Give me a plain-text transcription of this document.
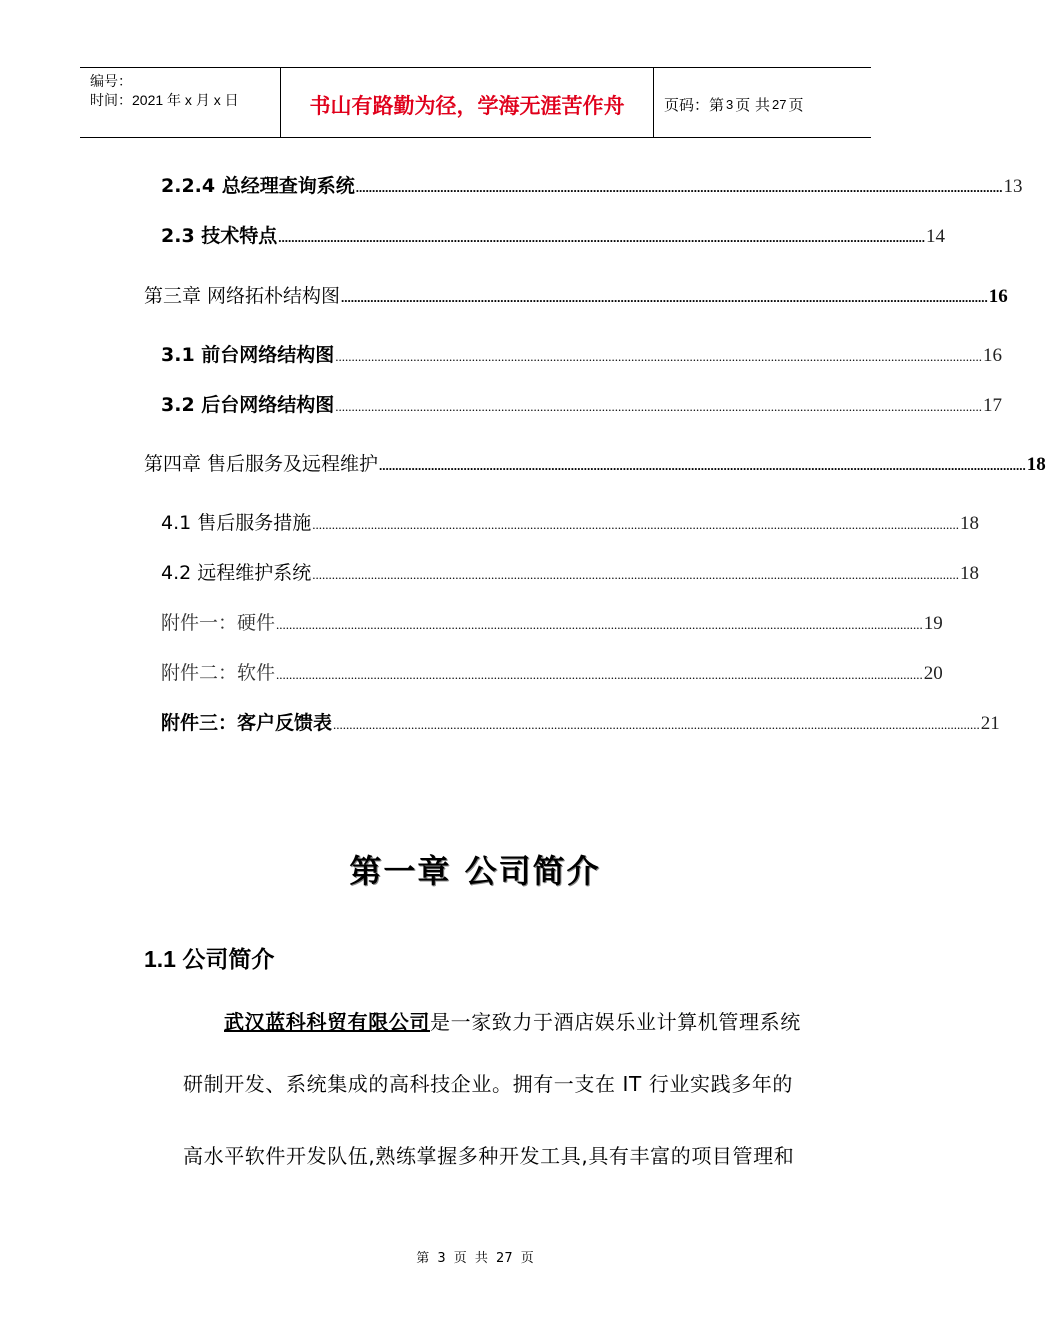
编号：
时间：2021 年 x 月 x 日	书山有路勤为径，学海无涯苦作舟	页码：第 3 页 共 27 页
2.2.4 总经理查询系统 ....................................................................................................................................................................................................... 13
2.3 技术特点 ....................................................................................................................................................................................................... 14
第三章 网络拓朴结构图 ....................................................................................................................................................................................................... 16
3.1 前台网络结构图 ....................................................................................................................................................................................................... 16
3.2 后台网络结构图 ....................................................................................................................................................................................................... 17
第四章 售后服务及远程维护 ....................................................................................................................................................................................................... 18
4.1 售后服务措施 ....................................................................................................................................................................................................... 18
4.2 远程维护系统 ....................................................................................................................................................................................................... 18
附件一：硬件 ....................................................................................................................................................................................................... 19
附件二：软件 ....................................................................................................................................................................................................... 20
附件三：客户反馈表 ....................................................................................................................................................................................................... 21
第一章 公司简介
1.1 公司简介
武汉蓝科科贸有限公司是一家致力于酒店娱乐业计算机管理系统
研制开发、系统集成的高科技企业。拥有一支在 IT 行业实践多年的
高水平软件开发队伍,熟练掌握多种开发工具,具有丰富的项目管理和
第 3 页 共 27 页
